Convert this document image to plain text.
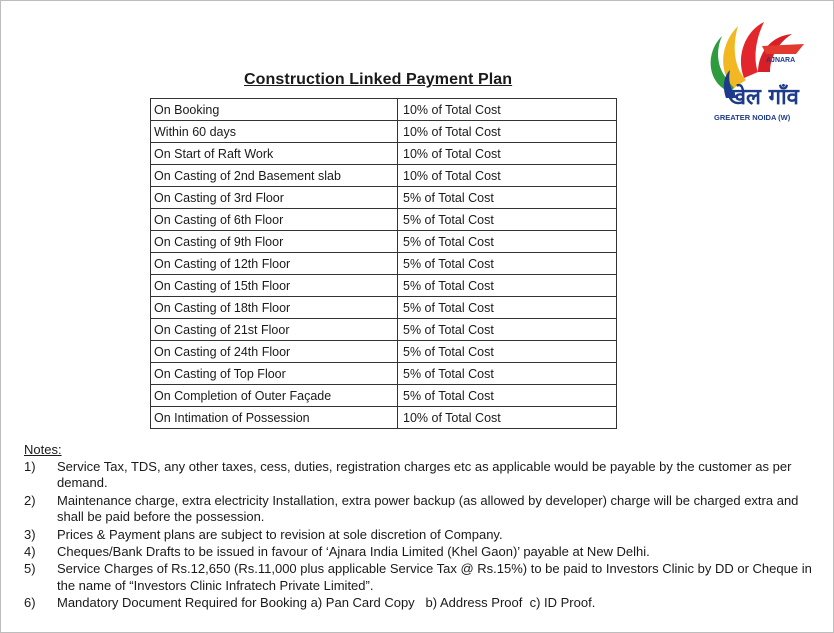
AJNARA
खेल गाँव
GREATER NOIDA (W)
Construction Linked Payment Plan
On Booking	10% of Total Cost
Within 60 days	10% of Total Cost
On Start of Raft Work	10% of Total Cost
On Casting of 2nd Basement slab	10% of Total Cost
On Casting of 3rd Floor	5% of Total Cost
On Casting of 6th Floor	5% of Total Cost
On Casting of 9th Floor	5% of Total Cost
On Casting of 12th Floor	5% of Total Cost
On Casting of 15th Floor	5% of Total Cost
On Casting of 18th Floor	5% of Total Cost
On Casting of 21st Floor	5% of Total Cost
On Casting of 24th Floor	5% of Total Cost
On Casting of Top Floor	5% of Total Cost
On Completion of Outer Façade	5% of Total Cost
On Intimation of Possession	10% of Total Cost
Notes:
1)	Service Tax, TDS, any other taxes, cess, duties, registration charges etc as applicable would be payable by the customer as per demand.
2)	Maintenance charge, extra electricity Installation, extra power backup (as allowed by developer) charge will be charged extra and shall be paid before the possession.
3)	Prices & Payment plans are subject to revision at sole discretion of Company.
4)	Cheques/Bank Drafts to be issued in favour of ‘Ajnara India Limited (Khel Gaon)’ payable at New Delhi.
5)	Service Charges of Rs.12,650 (Rs.11,000 plus applicable Service Tax @ Rs.15%) to be paid to Investors Clinic by DD or Cheque in the name of “Investors Clinic Infratech Private Limited”.
6)	Mandatory Document Required for Booking a) Pan Card Copy   b) Address Proof  c) ID Proof.
